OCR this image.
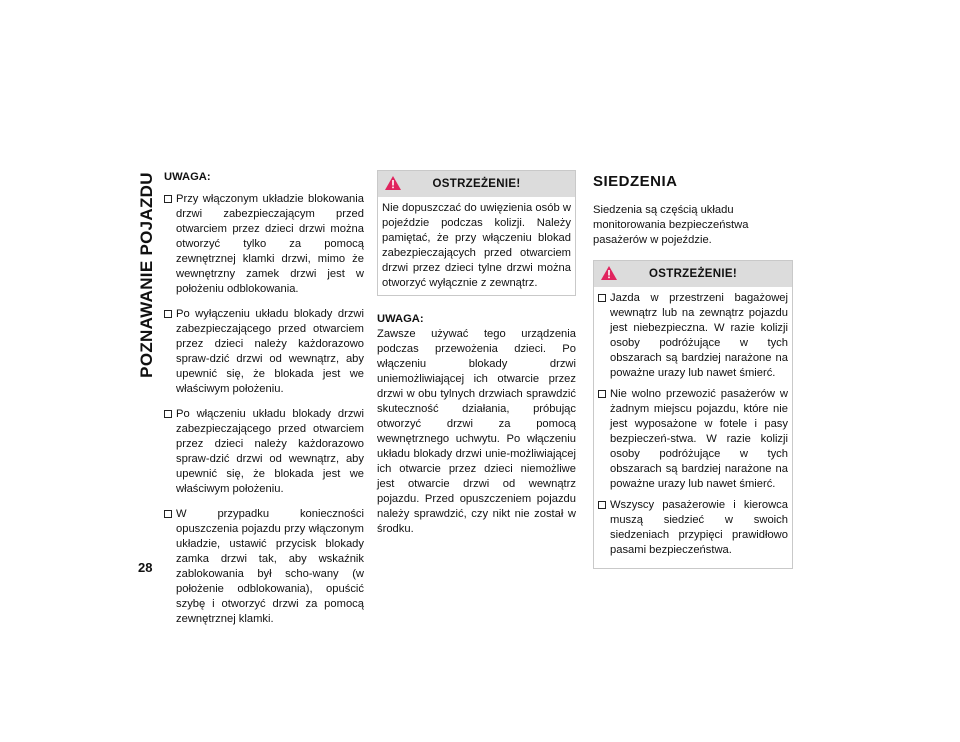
POZNAWANIE POJAZDU
28
UWAGA:
Przy włączonym układzie blokowania drzwi zabezpieczającym przed otwarciem przez dzieci drzwi można otworzyć tylko za pomocą zewnętrznej klamki drzwi, mimo że wewnętrzny zamek drzwi jest w położeniu odblokowania.
Po wyłączeniu układu blokady drzwi zabezpieczającego przed otwarciem przez dzieci należy każdorazowo spraw-dzić drzwi od wewnątrz, aby upewnić się, że blokada jest we właściwym położeniu.
Po włączeniu układu blokady drzwi zabezpieczającego przed otwarciem przez dzieci należy każdorazowo spraw-dzić drzwi od wewnątrz, aby upewnić się, że blokada jest we właściwym położeniu.
W przypadku konieczności opuszczenia pojazdu przy włączonym układzie, ustawić przycisk blokady zamka drzwi tak, aby wskaźnik zablokowania był scho-wany (w położenie odblokowania), opuścić szybę i otworzyć drzwi za pomocą zewnętrznej klamki.
OSTRZEŻENIE!
Nie dopuszczać do uwięzienia osób w pojeździe podczas kolizji. Należy pamiętać, że przy włączeniu blokad zabezpieczających przed otwarciem drzwi przez dzieci tylne drzwi można otworzyć wyłącznie z zewnątrz.
UWAGA:

Zawsze używać tego urządzenia podczas przewożenia dzieci. Po włączeniu blokady drzwi uniemożliwiającej ich otwarcie przez drzwi w obu tylnych drzwiach sprawdzić skuteczność działania, próbując otworzyć drzwi za pomocą wewnętrznego uchwytu. Po włączeniu układu blokady drzwi unie-możliwiającej ich otwarcie przez dzieci niemożliwe jest otwarcie drzwi od wewnątrz pojazdu. Przed opuszczeniem pojazdu należy sprawdzić, czy nikt nie został w środku.

SIEDZENIA

Siedzenia są częścią układu monitorowania bezpieczeństwa pasażerów w pojeździe.

OSTRZEŻENIE!
Jazda w przestrzeni bagażowej wewnątrz lub na zewnątrz pojazdu jest niebezpieczna. W razie kolizji osoby podróżujące w tych obszarach są bardziej narażone na poważne urazy lub nawet śmierć.
Nie wolno przewozić pasażerów w żadnym miejscu pojazdu, które nie jest wyposażone w fotele i pasy bezpieczeń-stwa. W razie kolizji osoby podróżujące w tych obszarach są bardziej narażone na poważne urazy lub nawet śmierć.
Wszyscy pasażerowie i kierowca muszą siedzieć w swoich siedzeniach przypięci prawidłowo pasami bezpieczeństwa.
